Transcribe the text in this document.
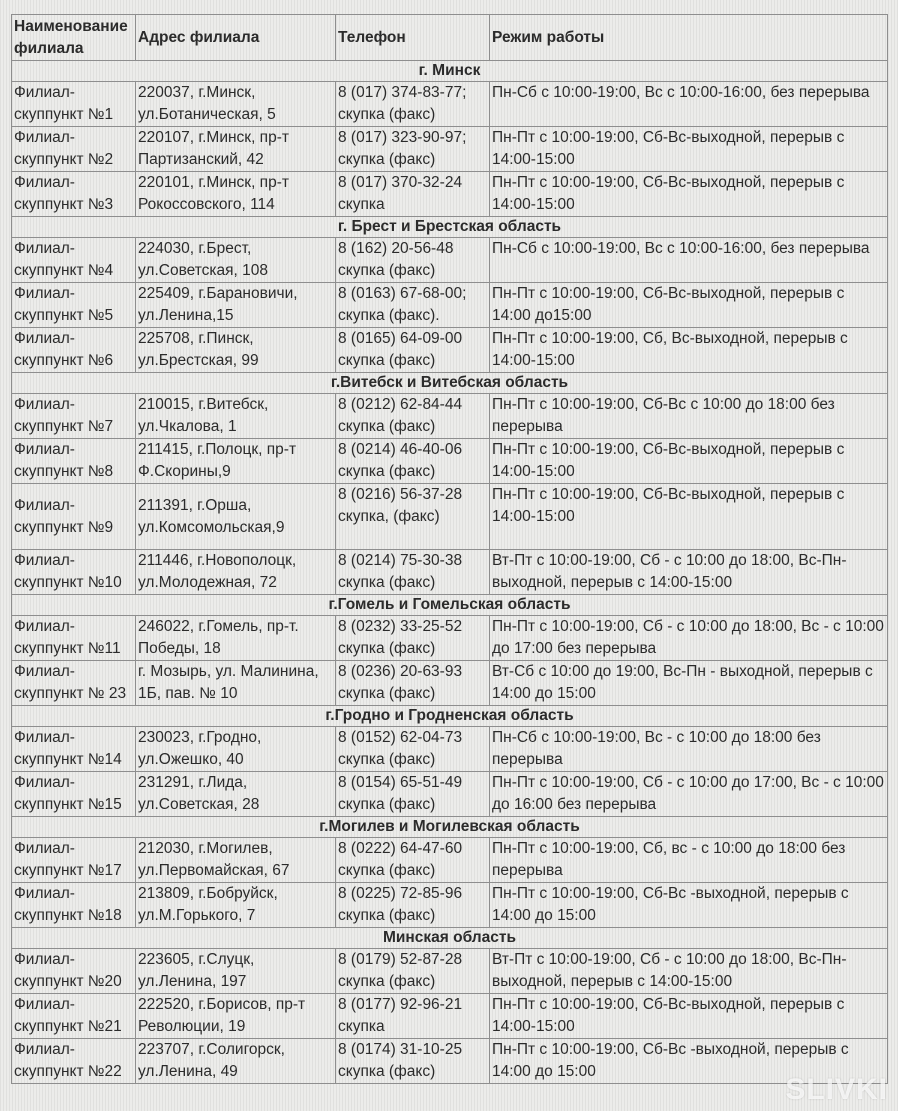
Наименование филиала	Адрес филиала	Телефон	Режим работы
г. Минск			
Филиал-скуппункт №1	220037, г.Минск, ул.Ботаническая, 5	8 (017) 374-83-77; скупка (факс)	Пн-Сб с 10:00-19:00, Вс с 10:00-16:00, без перерыва
Филиал-скуппункт №2	220107, г.Минск, пр-т Партизанский, 42	8 (017) 323-90-97; скупка (факс)	Пн-Пт с 10:00-19:00, Сб-Вс-выходной, перерыв с 14:00-15:00
Филиал-скуппункт №3	220101, г.Минск, пр-т Рокоссовского, 114	8 (017) 370-32-24 скупка	Пн-Пт с 10:00-19:00, Сб-Вс-выходной, перерыв с 14:00-15:00
г. Брест и Брестская область			
Филиал-скуппункт №4	224030, г.Брест, ул.Советская, 108	8 (162) 20-56-48 скупка (факс)	Пн-Сб с 10:00-19:00, Вс с 10:00-16:00, без перерыва
Филиал-скуппункт №5	225409, г.Барановичи, ул.Ленина,15	8 (0163) 67-68-00; скупка (факс).	Пн-Пт с 10:00-19:00, Сб-Вс-выходной, перерыв с 14:00 до15:00
Филиал-скуппункт №6	225708, г.Пинск, ул.Брестская, 99	8 (0165) 64-09-00 скупка (факс)	Пн-Пт с 10:00-19:00, Сб, Вс-выходной, перерыв с 14:00-15:00
г.Витебск и Витебская область			
Филиал-скуппункт №7	210015, г.Витебск, ул.Чкалова, 1	8 (0212) 62-84-44 скупка (факс)	Пн-Пт с 10:00-19:00, Сб-Вс с 10:00 до 18:00 без перерыва
Филиал-скуппункт №8	211415, г.Полоцк, пр-т Ф.Скорины,9	8 (0214) 46-40-06 скупка (факс)	Пн-Пт с 10:00-19:00, Сб-Вс-выходной, перерыв с 14:00-15:00
Филиал-скуппункт №9	211391, г.Орша, ул.Комсомольская,9	8 (0216) 56-37-28 скупка, (факс)	Пн-Пт с 10:00-19:00, Сб-Вс-выходной, перерыв с 14:00-15:00
Филиал-скуппункт №10	211446, г.Новополоцк, ул.Молодежная, 72	8 (0214) 75-30-38 скупка (факс)	Вт-Пт с 10:00-19:00, Сб - с 10:00 до 18:00, Вс-Пн-выходной, перерыв с 14:00-15:00
г.Гомель и Гомельская область			
Филиал-скуппункт №11	246022, г.Гомель, пр-т. Победы, 18	8 (0232) 33-25-52 скупка (факс)	Пн-Пт с 10:00-19:00, Сб - с 10:00 до 18:00, Вс - с 10:00 до 17:00 без перерыва
Филиал-скуппункт № 23	г. Мозырь, ул. Малинина, 1Б, пав. № 10	8 (0236) 20-63-93 скупка (факс)	Вт-Сб с 10:00 до 19:00, Вс-Пн - выходной, перерыв с 14:00 до 15:00
г.Гродно и Гродненская область			
Филиал-скуппункт №14	230023, г.Гродно, ул.Ожешко, 40	8 (0152) 62-04-73 скупка (факс)	Пн-Сб с 10:00-19:00, Вс - с 10:00 до 18:00 без перерыва
Филиал-скуппункт №15	231291, г.Лида, ул.Советская, 28	8 (0154) 65-51-49 скупка (факс)	Пн-Пт с 10:00-19:00, Сб - с 10:00 до 17:00, Вс - с 10:00 до 16:00 без перерыва
г.Могилев и Могилевская область			
Филиал-скуппункт №17	212030, г.Могилев, ул.Первомайская, 67	8 (0222) 64-47-60 скупка (факс)	Пн-Пт с 10:00-19:00, Сб, вс - с 10:00 до 18:00 без перерыва
Филиал-скуппункт №18	213809, г.Бобруйск, ул.М.Горького, 7	8 (0225) 72-85-96 скупка (факс)	Пн-Пт с 10:00-19:00, Сб-Вс -выходной, перерыв с 14:00 до 15:00
Минская область			
Филиал-скуппункт №20	223605, г.Слуцк, ул.Ленина, 197	8 (0179) 52-87-28 скупка (факс)	Вт-Пт с 10:00-19:00, Сб - с 10:00 до 18:00, Вс-Пн-выходной, перерыв с 14:00-15:00
Филиал-скуппункт №21	222520, г.Борисов, пр-т Революции, 19	8 (0177) 92-96-21 скупка	Пн-Пт с 10:00-19:00, Сб-Вс-выходной, перерыв с 14:00-15:00
Филиал-скуппункт №22	223707, г.Солигорск, ул.Ленина, 49	8 (0174) 31-10-25 скупка (факс)	Пн-Пт с 10:00-19:00, Сб-Вс -выходной, перерыв с 14:00 до 15:00
SLIVKI
